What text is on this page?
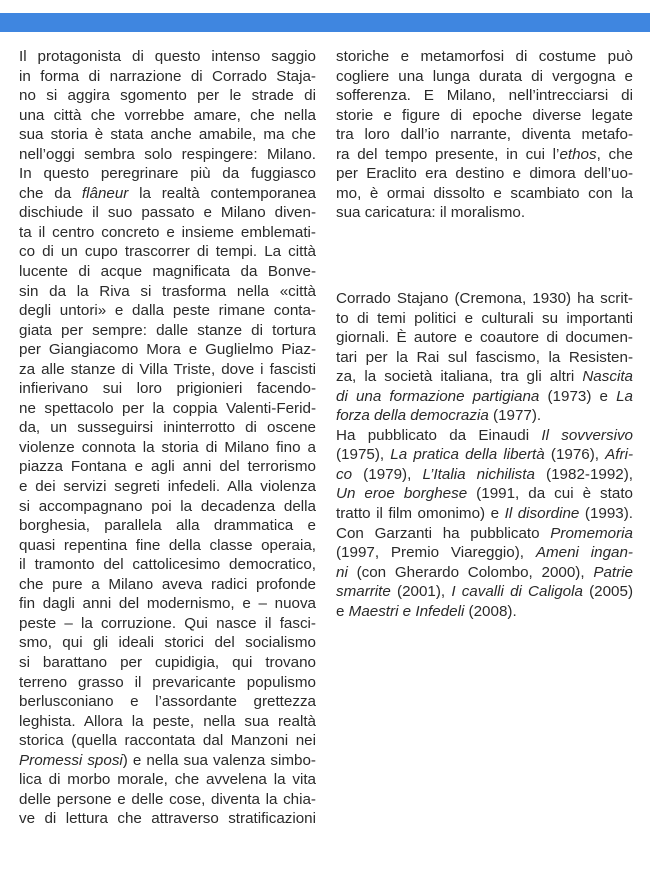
Il protagonista di questo intenso saggio
in forma di narrazione di Corrado Staja-
no si aggira sgomento per le strade di
una città che vorrebbe amare, che nella
sua storia è stata anche amabile, ma che
nell’oggi sembra solo respingere: Milano.
In questo peregrinare più da fuggiasco
che da flâneur la realtà contemporanea
dischiude il suo passato e Milano diven-
ta il centro concreto e insieme emblemati-
co di un cupo trascorrer di tempi. La città
lucente di acque magnificata da Bonve-
sin da la Riva si trasforma nella «città
degli untori» e dalla peste rimane conta-
giata per sempre: dalle stanze di tortura
per Giangiacomo Mora e Guglielmo Piaz-
za alle stanze di Villa Triste, dove i fascisti
infierivano sui loro prigionieri facendo-
ne spettacolo per la coppia Valenti-Ferid-
da, un susseguirsi ininterrotto di oscene
violenze connota la storia di Milano fino a
piazza Fontana e agli anni del terrorismo
e dei servizi segreti infedeli. Alla violenza
si accompagnano poi la decadenza della
borghesia, parallela alla drammatica e
quasi repentina fine della classe operaia,
il tramonto del cattolicesimo democratico,
che pure a Milano aveva radici profonde
fin dagli anni del modernismo, e – nuova
peste – la corruzione. Qui nasce il fasci-
smo, qui gli ideali storici del socialismo
si barattano per cupidigia, qui trovano
terreno grasso il prevaricante populismo
berlusconiano e l’assordante grettezza
leghista. Allora la peste, nella sua realtà
storica (quella raccontata dal Manzoni nei
Promessi sposi) e nella sua valenza simbo-
lica di morbo morale, che avvelena la vita
delle persone e delle cose, diventa la chia-
ve di lettura che attraverso stratificazioni
storiche e metamorfosi di costume può
cogliere una lunga durata di vergogna e
sofferenza. E Milano, nell’intrecciarsi di
storie e figure di epoche diverse legate
tra loro dall’io narrante, diventa metafo-
ra del tempo presente, in cui l’ethos, che
per Eraclito era destino e dimora dell’uo-
mo, è ormai dissolto e scambiato con la
sua caricatura: il moralismo.
Corrado Stajano (Cremona, 1930) ha scrit-
to di temi politici e culturali su importanti
giornali. È autore e coautore di documen-
tari per la Rai sul fascismo, la Resisten-
za, la società italiana, tra gli altri Nascita
di una formazione partigiana (1973) e La
forza della democrazia (1977).
Ha pubblicato da Einaudi Il sovversivo
(1975), La pratica della libertà (1976), Afri-
co (1979), L’Italia nichilista (1982-1992),
Un eroe borghese (1991, da cui è stato
tratto il film omonimo) e Il disordine (1993).
Con Garzanti ha pubblicato Promemoria
(1997, Premio Viareggio), Ameni ingan-
ni (con Gherardo Colombo, 2000), Patrie
smarrite (2001), I cavalli di Caligola (2005)
e Maestri e Infedeli (2008).
